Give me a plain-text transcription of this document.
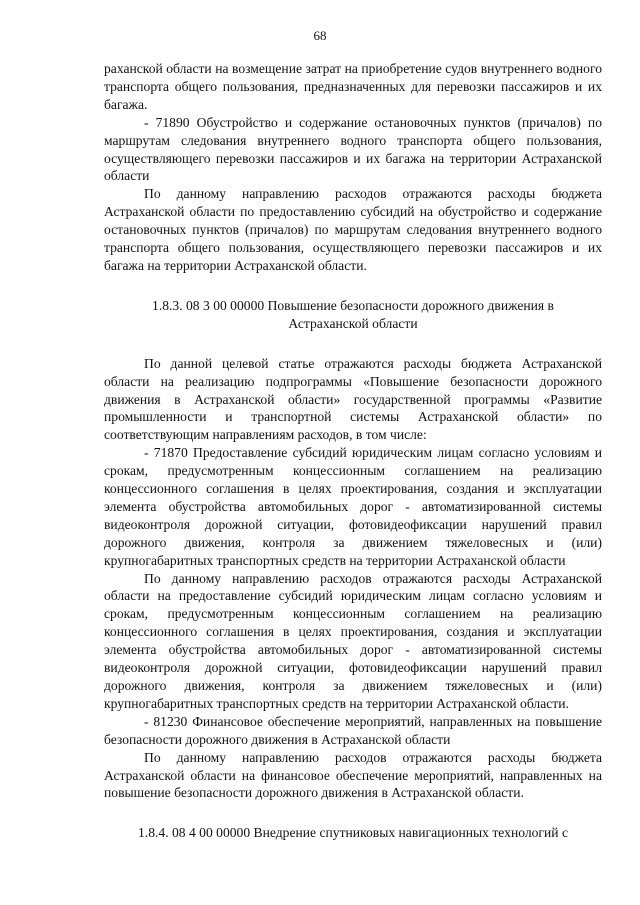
68

раханской области на возмещение затрат на приобретение судов внутреннего водного транспорта общего пользования, предназначенных для перевозки пассажиров и их багажа.

- 71890 Обустройство и содержание остановочных пунктов (причалов) по маршрутам следования внутреннего водного транспорта общего пользования, осуществляющего перевозки пассажиров и их багажа на территории Астраханской области

По данному направлению расходов отражаются расходы бюджета Астраханской области по предоставлению субсидий на обустройство и содержание остановочных пунктов (причалов) по маршрутам следования внутреннего водного транспорта общего пользования, осуществляющего перевозки пассажиров и их багажа на территории Астраханской области.

1.8.3. 08 3 00 00000 Повышение безопасности дорожного движения в
Астраханской области

По данной целевой статье отражаются расходы бюджета Астраханской области на реализацию подпрограммы «Повышение безопасности дорожного движения в Астраханской области» государственной программы «Развитие промышленности и транспортной системы Астраханской области» по соответствующим направлениям расходов, в том числе:

- 71870 Предоставление субсидий юридическим лицам согласно условиям и срокам, предусмотренным концессионным соглашением на реализацию концессионного соглашения в целях проектирования, создания и эксплуатации элемента обустройства автомобильных дорог - автоматизированной системы видеоконтроля дорожной ситуации, фотовидеофиксации нарушений правил дорожного движения, контроля за движением тяжеловесных и (или) крупногабаритных транспортных средств на территории Астраханской области

По данному направлению расходов отражаются расходы Астраханской области на предоставление субсидий юридическим лицам согласно условиям и срокам, предусмотренным концессионным соглашением на реализацию концессионного соглашения в целях проектирования, создания и эксплуатации элемента обустройства автомобильных дорог - автоматизированной системы видеоконтроля дорожной ситуации, фотовидеофиксации нарушений правил дорожного движения, контроля за движением тяжеловесных и (или) крупногабаритных транспортных средств на территории Астраханской области.

- 81230 Финансовое обеспечение мероприятий, направленных на повышение безопасности дорожного движения в Астраханской области

По данному направлению расходов отражаются расходы бюджета Астраханской области на финансовое обеспечение мероприятий, направленных на повышение безопасности дорожного движения в Астраханской области.

1.8.4. 08 4 00 00000 Внедрение спутниковых навигационных технологий с
